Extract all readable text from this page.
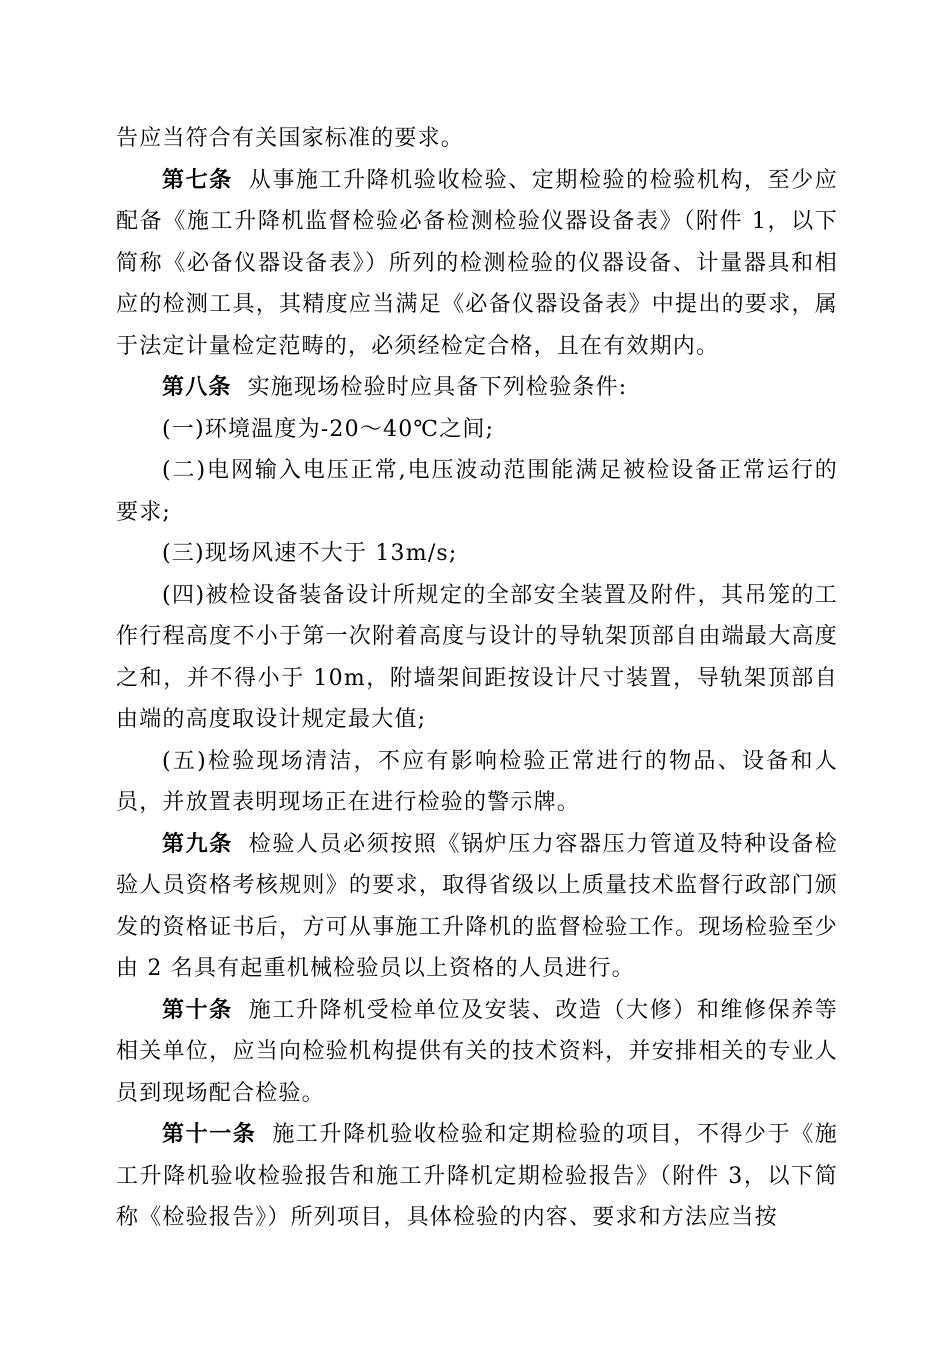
告应当符合有关国家标准的要求。

第七条 从事施工升降机验收检验、定期检验的检验机构，至少应配备《施工升降机监督检验必备检测检验仪器设备表》（附件 1，以下简称《必备仪器设备表》）所列的检测检验的仪器设备、计量器具和相应的检测工具，其精度应当满足《必备仪器设备表》中提出的要求，属于法定计量检定范畴的，必须经检定合格，且在有效期内。

第八条 实施现场检验时应具备下列检验条件:

(一)环境温度为-20～40℃之间;

(二)电网输入电压正常,电压波动范围能满足被检设备正常运行的要求;

(三)现场风速不大于 13m/s;

(四)被检设备装备设计所规定的全部安全装置及附件，其吊笼的工作行程高度不小于第一次附着高度与设计的导轨架顶部自由端最大高度之和，并不得小于 10m，附墙架间距按设计尺寸装置，导轨架顶部自由端的高度取设计规定最大值;

(五)检验现场清洁，不应有影响检验正常进行的物品、设备和人员，并放置表明现场正在进行检验的警示牌。

第九条 检验人员必须按照《锅炉压力容器压力管道及特种设备检验人员资格考核规则》的要求，取得省级以上质量技术监督行政部门颁发的资格证书后，方可从事施工升降机的监督检验工作。现场检验至少由 2 名具有起重机械检验员以上资格的人员进行。

第十条 施工升降机受检单位及安装、改造（大修）和维修保养等相关单位，应当向检验机构提供有关的技术资料，并安排相关的专业人员到现场配合检验。

第十一条 施工升降机验收检验和定期检验的项目，不得少于《施工升降机验收检验报告和施工升降机定期检验报告》（附件 3，以下简称《检验报告》）所列项目，具体检验的内容、要求和方法应当按
